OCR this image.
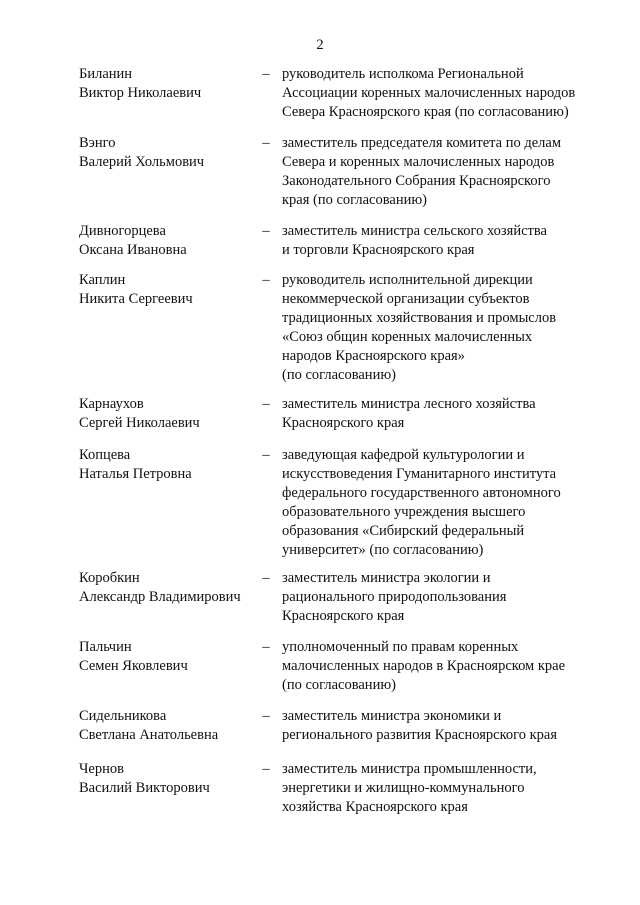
2
Биланин
Виктор Николаевич
– руководитель исполкома Региональной
Ассоциации коренных малочисленных народов
Севера Красноярского края (по согласованию)
Вэнго
Валерий Хольмович
– заместитель председателя комитета по делам
Севера и коренных малочисленных народов
Законодательного Собрания Красноярского
края (по согласованию)
Дивногорцева
Оксана Ивановна
– заместитель министра сельского хозяйства
и торговли Красноярского края
Каплин
Никита Сергеевич
– руководитель исполнительной дирекции
некоммерческой организации субъектов
традиционных хозяйствования и промыслов
«Союз общин коренных малочисленных
народов Красноярского края»
(по согласованию)
Карнаухов
Сергей Николаевич
– заместитель министра лесного хозяйства
Красноярского края
Копцева
Наталья Петровна
– заведующая кафедрой культурологии и
искусствоведения Гуманитарного института
федерального государственного автономного
образовательного учреждения высшего
образования «Сибирский федеральный
университет» (по согласованию)
Коробкин
Александр Владимирович
– заместитель министра экологии и
рационального природопользования
Красноярского края
Пальчин
Семен Яковлевич
– уполномоченный по правам коренных
малочисленных народов в Красноярском крае
(по согласованию)
Сидельникова
Светлана Анатольевна
– заместитель министра экономики и
регионального развития Красноярского края
Чернов
Василий Викторович
– заместитель министра промышленности,
энергетики и жилищно-коммунального
хозяйства Красноярского края
